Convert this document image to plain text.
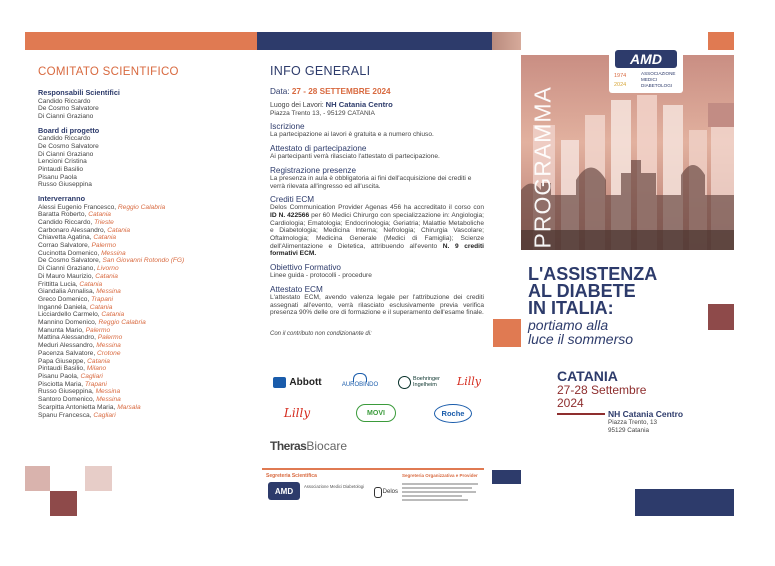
COMITATO SCIENTIFICO
Responsabili Scientifici
Candido Riccardo
De Cosmo Salvatore
Di Cianni Graziano
Board di progetto
Candido Riccardo
De Cosmo Salvatore
Di Cianni Graziano
Lencioni Cristina
Pintaudi Basilio
Pisanu Paola
Russo Giuseppina
Interverranno
Alessi Eugenio Francesco, Reggio Calabria
Baratta Roberto, Catania
Candido Riccardo, Trieste
Carbonaro Alessandro, Catania
Chiavetta Agatina, Catania
Corrao Salvatore, Palermo
Cucinotta Domenico, Messina
De Cosmo Salvatore, San Giovanni Rotondo (FG)
Di Cianni Graziano, Livorno
Di Mauro Maurizio, Catania
Frittitta Lucia, Catania
Giandalia Annalisa, Messina
Greco Domenico, Trapani
Inganné Daniela, Catania
Licciardello Carmelo, Catania
Mannino Domenico, Reggio Calabria
Manunta Mario, Palermo
Mattina Alessandro, Palermo
Meduri Alessandro, Messina
Pacenza Salvatore, Crotone
Papa Giuseppe, Catania
Pintaudi Basilio, Milano
Pisanu Paola, Cagliari
Pisciotta Maria, Trapani
Russo Giuseppina, Messina
Santoro Domenico, Messina
Scarpitta Antonietta Maria, Marsala
Spanu Francesca, Cagliari
INFO GENERALI
Data: 27 - 28 SETTEMBRE 2024
Luogo dei Lavori: NH Catania Centro
Piazza Trento 13, - 95129 CATANIA
Iscrizione
La partecipazione ai lavori è gratuita e a numero chiuso.
Attestato di partecipazione
Ai partecipanti verrà rilasciato l'attestato di partecipazione.
Registrazione presenze
La presenza in aula è obbligatoria ai fini dell'acquisizione dei crediti e verrà rilevata all'ingresso ed all'uscita.
Crediti ECM
Delos Communication Provider Agenas 456 ha accreditato il corso con ID N. 422566 per 60 Medici Chirurgo con specializzazione in: Angiologia; Cardiologia; Ematologia; Endocrinologia; Geriatria; Malattie Metaboliche e Diabetologia; Medicina Interna; Nefrologia; Chirurgia Vascolare; Oftalmologia; Medicina Generale (Medici di Famiglia); Scienze dell'Alimentazione e Dietetica, attribuendo all'evento N. 9 crediti formativi ECM.
Obiettivo Formativo
Linee guida - protocolli - procedure
Attestato ECM
L'attestato ECM, avendo valenza legale per l'attribuzione dei crediti assegnati all'evento, verrà rilasciato esclusivamente previa verifica presenza 90% delle ore di formazione e il superamento dell'esame finale.
Con il contributo non condizionante di:
Abbott	AUROBINDO
Boehringer
Ingelheim Lilly
Lilly	MOVI	Roche
TherasBiocare
Segreteria Scientifica
AMD	Associazione Medici Diabetologi
Delos
Segreteria Organizzativa e Provider
PROGRAMMA
AMD
1974
2024
ASSOCIAZIONE
MEDICI
DIABETOLOGI
L'ASSISTENZA
AL DIABETE
IN ITALIA:
portiamo alla
luce il sommerso
CATANIA
27-28 Settembre
2024
NH Catania Centro
Piazza Trento, 13
95129 Catania
